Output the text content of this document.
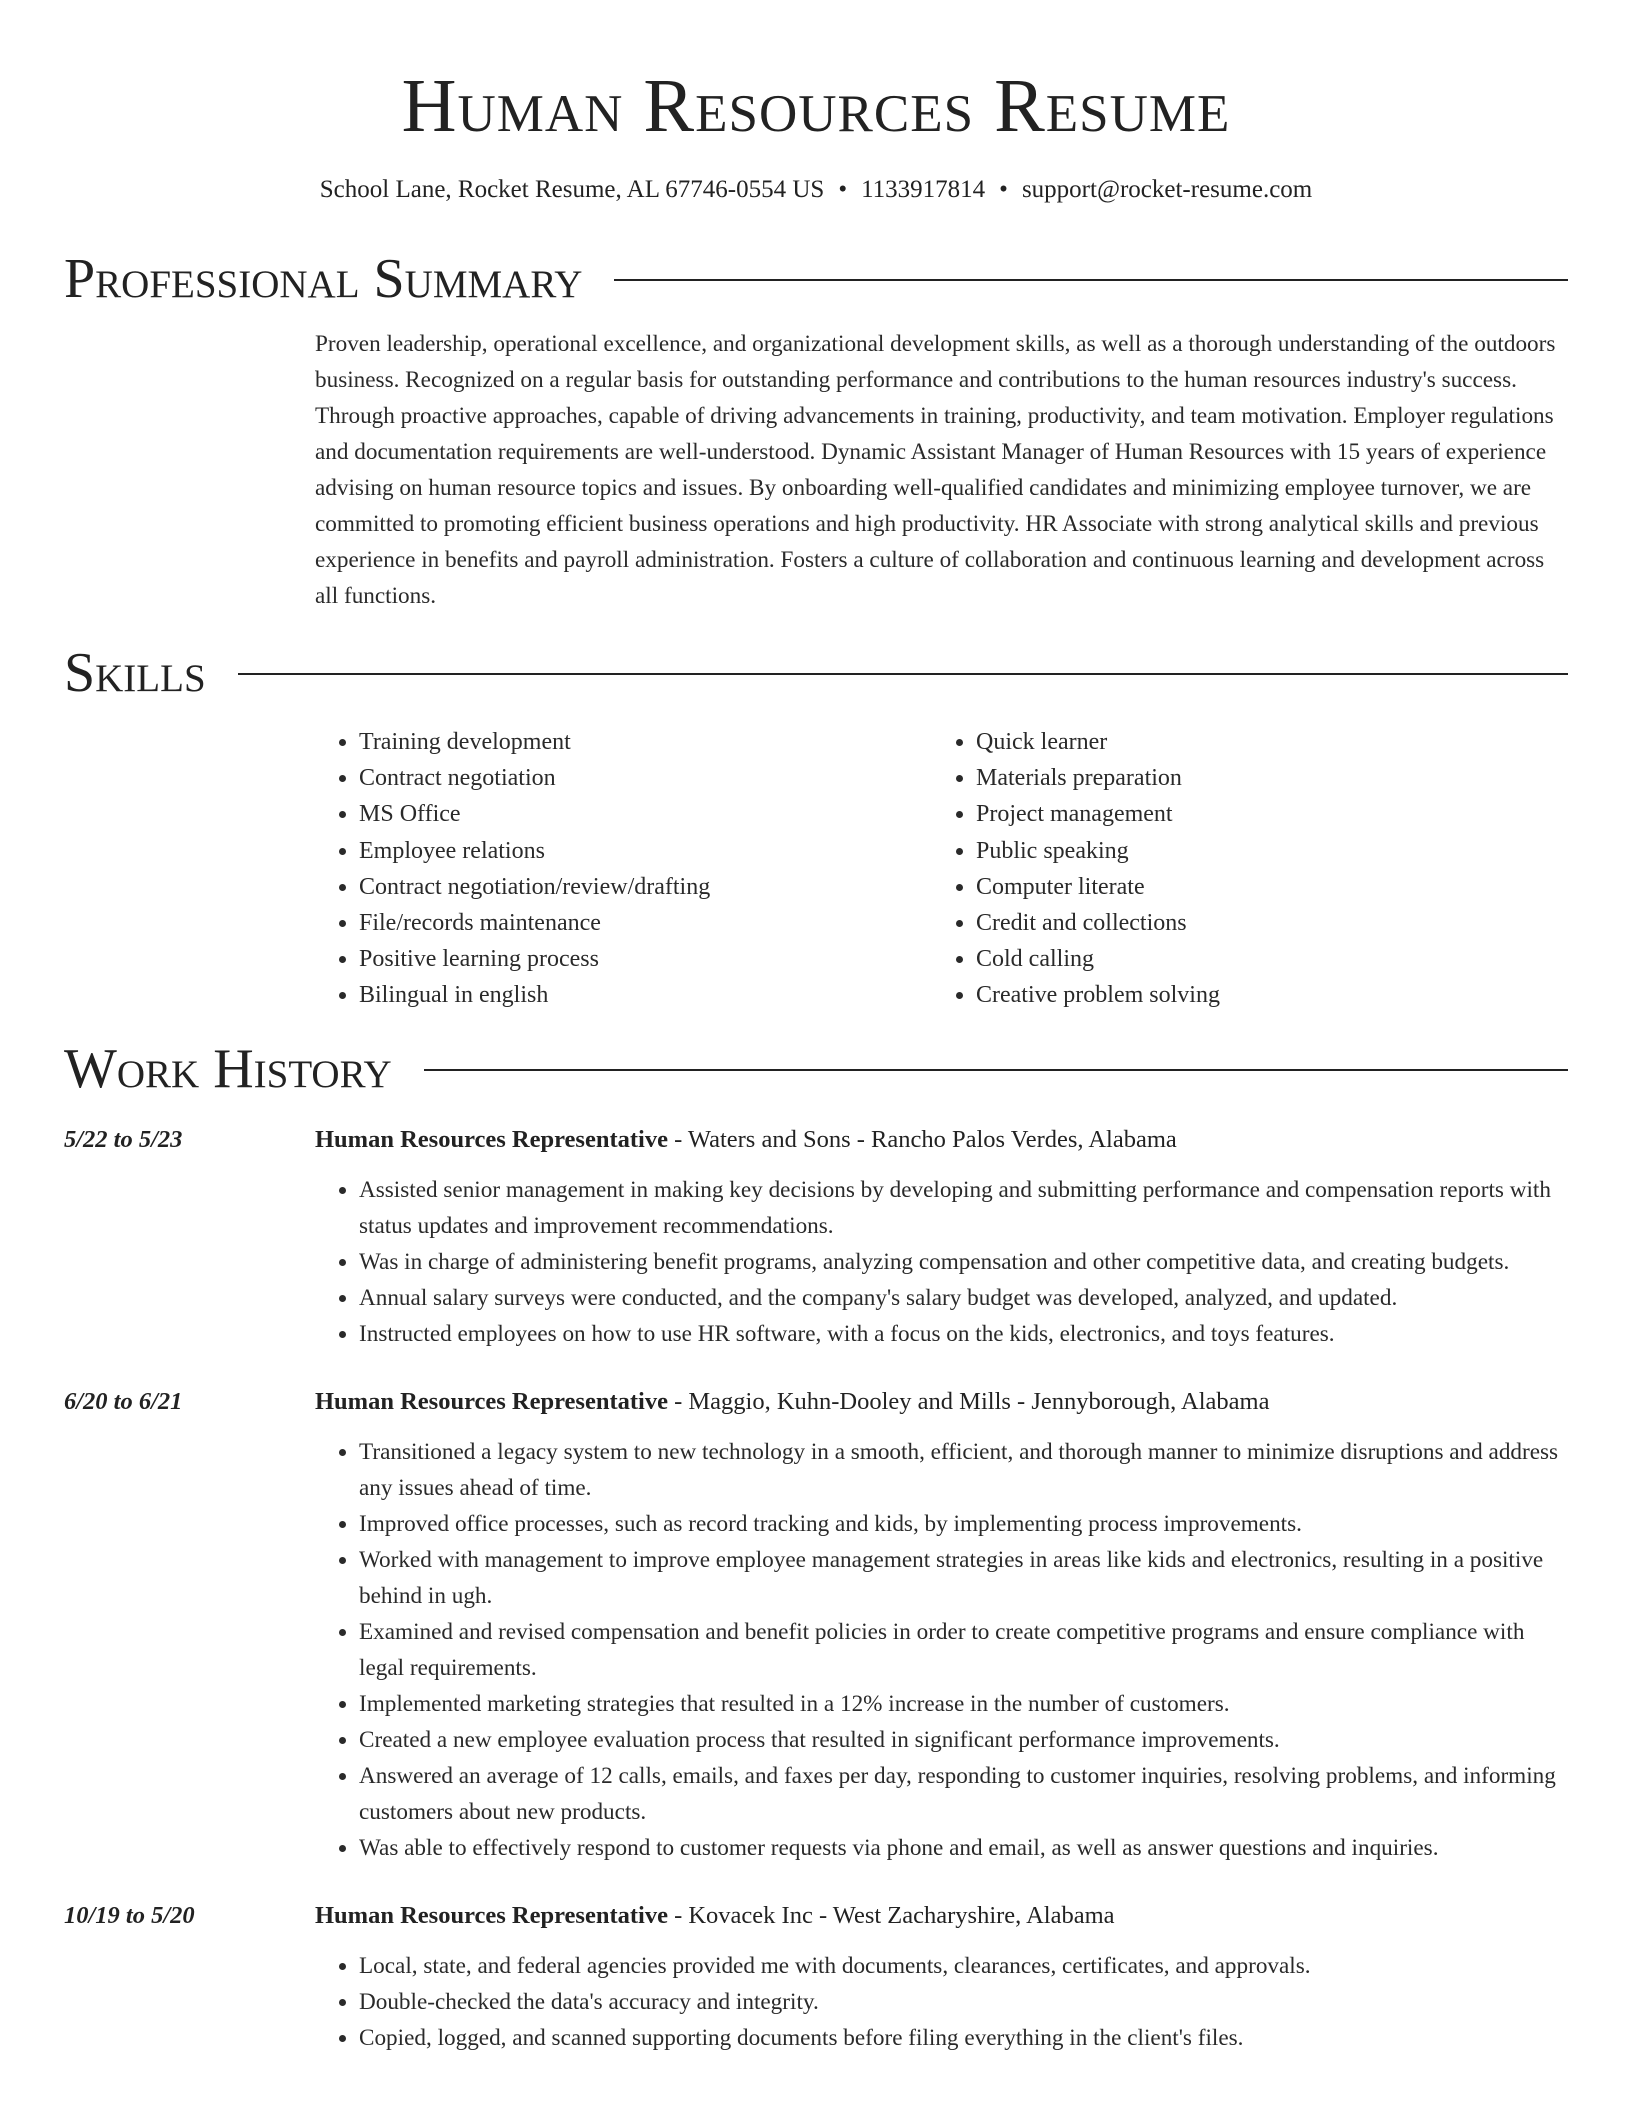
Human Resources Resume
School Lane, Rocket Resume, AL 67746-0554 US • 1133917814 • support@rocket-resume.com
Professional Summary

Proven leadership, operational excellence, and organizational development skills, as well as a thorough understanding of the outdoors business. Recognized on a regular basis for outstanding performance and contributions to the human resources industry's success. Through proactive approaches, capable of driving advancements in training, productivity, and team motivation. Employer regulations and documentation requirements are well-understood. Dynamic Assistant Manager of Human Resources with 15 years of experience advising on human resource topics and issues. By onboarding well-qualified candidates and minimizing employee turnover, we are committed to promoting efficient business operations and high productivity. HR Associate with strong analytical skills and previous experience in benefits and payroll administration. Fosters a culture of collaboration and continuous learning and development across all functions.

Skills
• Training development
• Contract negotiation
• MS Office
• Employee relations
• Contract negotiation/review/drafting
• File/records maintenance
• Positive learning process
• Bilingual in english
• Quick learner
• Materials preparation
• Project management
• Public speaking
• Computer literate
• Credit and collections
• Cold calling
• Creative problem solving
Work History
5/22 to 5/23	Human Resources Representative - Waters and Sons - Rancho Palos Verdes, Alabama
• Assisted senior management in making key decisions by developing and submitting performance and compensation reports with status updates and improvement recommendations.
• Was in charge of administering benefit programs, analyzing compensation and other competitive data, and creating budgets.
• Annual salary surveys were conducted, and the company's salary budget was developed, analyzed, and updated.
• Instructed employees on how to use HR software, with a focus on the kids, electronics, and toys features.
6/20 to 6/21	Human Resources Representative - Maggio, Kuhn-Dooley and Mills - Jennyborough, Alabama
• Transitioned a legacy system to new technology in a smooth, efficient, and thorough manner to minimize disruptions and address any issues ahead of time.
• Improved office processes, such as record tracking and kids, by implementing process improvements.
• Worked with management to improve employee management strategies in areas like kids and electronics, resulting in a positive behind in ugh.
• Examined and revised compensation and benefit policies in order to create competitive programs and ensure compliance with legal requirements.
• Implemented marketing strategies that resulted in a 12% increase in the number of customers.
• Created a new employee evaluation process that resulted in significant performance improvements.
• Answered an average of 12 calls, emails, and faxes per day, responding to customer inquiries, resolving problems, and informing customers about new products.
• Was able to effectively respond to customer requests via phone and email, as well as answer questions and inquiries.
10/19 to 5/20	Human Resources Representative - Kovacek Inc - West Zacharyshire, Alabama
• Local, state, and federal agencies provided me with documents, clearances, certificates, and approvals.
• Double-checked the data's accuracy and integrity.
• Copied, logged, and scanned supporting documents before filing everything in the client's files.
